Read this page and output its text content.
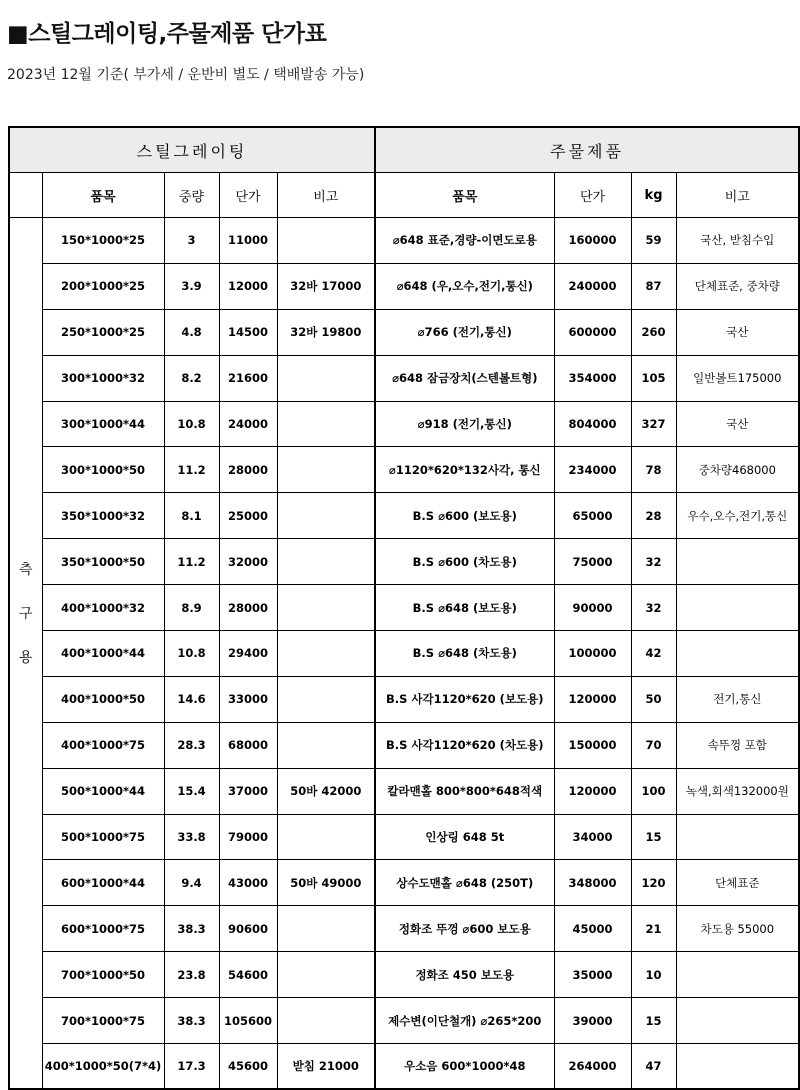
■스틸그레이팅,주물제품 단가표
2023년 12월 기준( 부가세 / 운반비 별도 / 택배발송 가능)
스틸그레이팅					주물제품			
	품목	중량	단가	비고	품목	단가	kg	비고

측
구
용	150*1000*25	3	11000		⌀648 표준,경량-이면도로용	160000	59	국산, 받침수입
	200*1000*25	3.9	12000	32바 17000	⌀648 (우,오수,전기,통신)	240000	87	단체표준, 중차량
	250*1000*25	4.8	14500	32바 19800	⌀766 (전기,통신)	600000	260	국산
	300*1000*32	8.2	21600		⌀648 잠금장치(스텐볼트형)	354000	105	일반볼트175000
	300*1000*44	10.8	24000		⌀918 (전기,통신)	804000	327	국산
	300*1000*50	11.2	28000		⌀1120*620*132사각, 통신	234000	78	중차량468000
	350*1000*32	8.1	25000		B.S ⌀600 (보도용)	65000	28	우수,오수,전기,통신
	350*1000*50	11.2	32000		B.S ⌀600 (차도용)	75000	32	
	400*1000*32	8.9	28000		B.S ⌀648 (보도용)	90000	32	
	400*1000*44	10.8	29400		B.S ⌀648 (차도용)	100000	42	
	400*1000*50	14.6	33000		B.S 사각1120*620 (보도용)	120000	50	전기,통신
	400*1000*75	28.3	68000		B.S 사각1120*620 (차도용)	150000	70	속뚜껑 포함
	500*1000*44	15.4	37000	50바 42000	칼라맨홀 800*800*648적색	120000	100	녹색,회색132000원
	500*1000*75	33.8	79000		인상링 648 5t	34000	15	
	600*1000*44	9.4	43000	50바 49000	상수도맨홀 ⌀648 (250T)	348000	120	단체표준
	600*1000*75	38.3	90600		정화조 뚜껑 ⌀600 보도용	45000	21	차도용 55000
	700*1000*50	23.8	54600		정화조 450 보도용	35000	10	
	700*1000*75	38.3	105600		제수변(이단철개) ⌀265*200	39000	15	
	400*1000*50(7*4)	17.3	45600	받침 21000	우소음 600*1000*48	264000	47	
